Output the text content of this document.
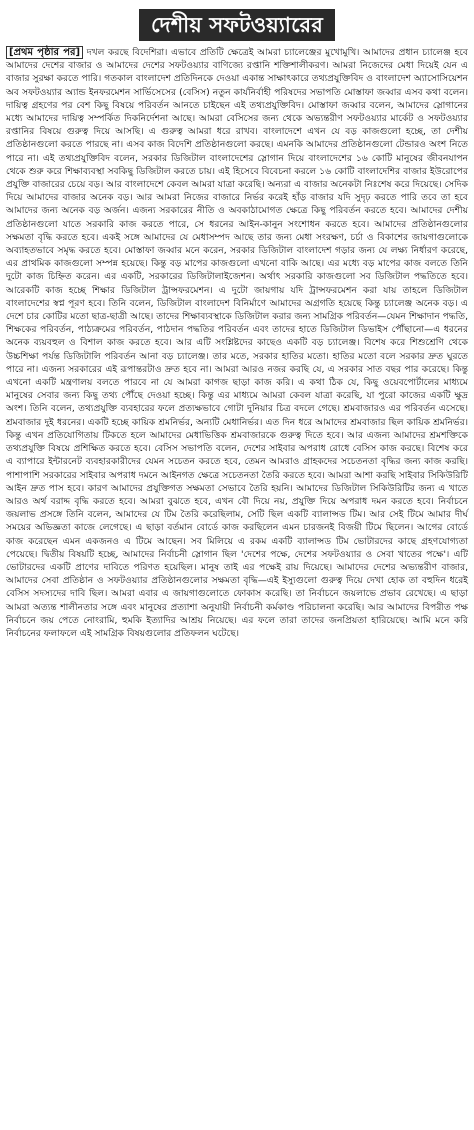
দেশীয় সফটওয়্যারের

[প্রথম পৃষ্ঠার পর] দখল করছে বিদেশিরা। এভাবে প্রতিটি ক্ষেত্রেই আমরা চ্যালেঞ্জের মুখোমুখি। আমাদের প্রধান চ্যালেঞ্জ হবে আমাদের দেশের বাজার ও আমাদের দেশের সফটওয়্যার বাণিজ্যে রপ্তানি শক্তিশালীকরণ। আমরা নিজেদের মেধা দিয়েই যেন এ বাজার সুরক্ষা করতে পারি। গতকাল বাংলাদেশ প্রতিদিনকে দেওয়া একান্ত সাক্ষাৎকারে তথ্যপ্রযুক্তিবিদ ও বাংলাদেশ অ্যাসোসিয়েশন অব সফটওয়্যার অ্যান্ড ইনফরমেশন সার্ভিসেসের (বেসিস) নতুন কার্যনির্বাহী পরিষদের সভাপতি মোস্তাফা জব্বার এসব কথা বলেন। দায়িত্ব গ্রহণের পর বেশ কিছু বিষয়ে পরিবর্তন আনতে চাইছেন এই তথ্যপ্রযুক্তিবিদ। মোস্তাফা জব্বার বলেন, আমাদের স্লোগানের মধ্যে আমাদের দায়িত্ব সম্পর্কিত দিকনির্দেশনা আছে। আমরা বেসিসের জন্য থেকে অভ্যন্তরীণ সফটওয়্যার মার্কেট ও সফটওয়্যার রপ্তানির বিষয়ে গুরুত্ব দিয়ে আসছি। এ গুরুত্ব আমরা ধরে রাখব। বাংলাদেশে এখন যে বড় কাজগুলো হচ্ছে, তা দেশীয় প্রতিষ্ঠানগুলো করতে পারছে না। এসব কাজ বিদেশি প্রতিষ্ঠানগুলো করছে। এমনকি আমাদের প্রতিষ্ঠানগুলো টেন্ডারও অংশ নিতে পারে না। এই তথ্যপ্রযুক্তিবিদ বলেন, সরকার ডিজিটাল বাংলাদেশের স্লোগান দিয়ে বাংলাদেশের ১৬ কোটি মানুষের জীবনযাপন থেকে শুরু করে শিক্ষাব্যবস্থা সবকিছু ডিজিটাল করতে চায়। এই হিসেবে বিবেচনা করলে ১৬ কোটি বাংলাদেশির বাজার ইউরোপের প্রযুক্তি বাজারের চেয়ে বড়। আর বাংলাদেশে কেবল আমরা যাত্রা করেছি। অন্যরা এ বাজার অনেকটা নিঃশেষ করে দিয়েছে। সেদিক দিয়ে আমাদের বাজার অনেক বড়। আর আমরা নিজের বাজারে নির্ভর করেই হাঁড় বাজার যদি সুদৃঢ় করতে পারি তবে তা হবে আমাদের জন্য অনেক বড় অর্জন। এজন্য সরকারের নীতি ও অবকাঠামোগত ক্ষেত্রে কিছু পরিবর্তন করতে হবে। আমাদের দেশীয় প্রতিষ্ঠানগুলো যাতে সরকারি কাজ করতে পারে, সে ধরনের আইন-কানুন সংশোধন করতে হবে। আমাদের প্রতিষ্ঠানগুলোর সক্ষমতা বৃদ্ধি করতে হবে। একই সঙ্গে আমাদের যে মেধাসম্পদ আছে তার জন্য মেধা সংরক্ষণ, চর্চা ও বিকাশের জায়গাগুলোকে অব্যাহতভাবে সমৃদ্ধ করতে হবে। মোস্তাফা জব্বার মনে করেন, সরকার ডিজিটাল বাংলাদেশ গড়ার জন্য যে লক্ষ্য নির্ধারণ করেছে, এর প্রাথমিক কাজগুলো সম্পন্ন হয়েছে। কিন্তু বড় মাপের কাজগুলো এখনো বাকি আছে। এর মধ্যে বড় মাপের কাজ বলতে তিনি দুটো কাজ চিহ্নিত করেন। এর একটি, সরকারের ডিজিটালাইজেশন। অর্থাৎ সরকারি কাজগুলো সব ডিজিটাল পদ্ধতিতে হবে। আরেকটি কাজ হচ্ছে শিক্ষার ডিজিটাল ট্রান্সফরমেশন। এ দুটো জায়গায় যদি ট্রান্সফরমেশন করা যায় তাহলে ডিজিটাল বাংলাদেশের স্বপ্ন পূরণ হবে। তিনি বলেন, ডিজিটাল বাংলাদেশ বিনির্মাণে আমাদের অগ্রগতি হয়েছে কিন্তু চ্যালেঞ্জ অনেক বড়। এ দেশে চার কোটির মতো ছাত্র-ছাত্রী আছে। তাদের শিক্ষাব্যবস্থাকে ডিজিটাল করার জন্য সামগ্রিক পরিবর্তন—যেমন শিক্ষাদান পদ্ধতি, শিক্ষকের পরিবর্তন, পাঠ্যক্রমের পরিবর্তন, পাঠদান পদ্ধতির পরিবর্তন এবং তাদের হাতে ডিজিটাল ডিভাইস পৌঁছানো—এ ধরনের অনেক ব্যয়বহুল ও বিশাল কাজ করতে হবে। আর এটি সংশ্লিষ্টদের কাছেও একটি বড় চ্যালেঞ্জ। বিশেষ করে শিশুশ্রেণি থেকে উচ্চশিক্ষা পর্যন্ত ডিজিটালি পরিবর্তন আনা বড় চ্যালেঞ্জ। তার মতে, সরকার হাতির মতো। হাতির মতো বলে সরকার দ্রুত ঘুরতে পারে না। এজন্য সরকারের এই রূপান্তরটাও দ্রুত হবে না। আমরা আরও নজর করছি যে, এ সরকার সাত বছর পার করেছে। কিন্তু এখনো একটি মন্ত্রণালয় বলতে পারবে না যে আমরা কাগজ ছাড়া কাজ করি। এ কথা ঠিক যে, কিছু ওয়েবপোর্টালের মাধ্যমে মানুষের সেবার জন্য কিছু তথ্য পৌঁছে দেওয়া হচ্ছে। কিন্তু এর মাধ্যমে আমরা কেবল যাত্রা করেছি, যা পুরো কাজের একটি ক্ষুদ্র অংশ। তিনি বলেন, তথ্যপ্রযুক্তি ব্যবহারের ফলে প্রত্যক্ষভাবে গোটা দুনিয়ার চিত্র বদলে গেছে। শ্রমবাজারও এর পরিবর্তন এসেছে। শ্রমবাজার দুই ধরনের। একটি হচ্ছে কায়িক শ্রমনির্ভর, অন্যটি মেধানির্ভর। এত দিন ধরে আমাদের শ্রমবাজার ছিল কায়িক শ্রমনির্ভর। কিন্তু এখন প্রতিযোগিতায় টিকতে হলে আমাদের মেধাভিত্তিক শ্রমবাজারকে গুরুত্ব দিতে হবে। আর এজন্য আমাদের শ্রমশক্তিকে তথ্যপ্রযুক্তি বিষয়ে প্রশিক্ষিত করতে হবে। বেসিস সভাপতি বলেন, দেশের সাইবার অপরাধ রোধে বেসিস কাজ করছে। বিশেষ করে এ ব্যাপারে ইন্টারনেট ব্যবহারকারীদের যেমন সচেতন করতে হবে, তেমন আমরাও গ্রাহকদের সচেতনতা বৃদ্ধির জন্য কাজ করছি। পাশাপাশি সরকারের সাইবার অপরাধ দমনে আইনগত ক্ষেত্রে সচেতনতা তৈরি করতে হবে। আমরা আশা করছি সাইবার সিকিউরিটি আইন দ্রুত পাস হবে। কারণ আমাদের প্রযুক্তিগত সক্ষমতা সেভাবে তৈরি হয়নি। আমাদের ডিজিটাল সিকিউরিটির জন্য এ খাতে আরও অর্থ বরাদ্দ বৃদ্ধি করতে হবে। আমরা বুঝতে হবে, এখন বৌ দিয়ে নয়, প্রযুক্তি দিয়ে অপরাধ দমন করতে হবে। নির্বাচনে জয়লাভ প্রসঙ্গে তিনি বলেন, আমাদের যে টিম তৈরি করেছিলাম, সেটি ছিল একটি ব্যালান্সড টিম। আর সেই টিমে আমার দীর্ঘ সময়ের অভিজ্ঞতা কাজে লেগেছে। এ ছাড়া বর্তমান বোর্ডে কাজ করছিলেন এমন চারজনই বিজয়ী টিমে ছিলেন। আগের বোর্ডে কাজ করেছেন এমন একজনও এ টিমে আছেন। সব মিলিয়ে এ রকম একটি ব্যালান্সড টিম ভোটারদের কাছে গ্রহণযোগ্যতা পেয়েছে। দ্বিতীয় বিষয়টি হচ্ছে, আমাদের নির্বাচনী স্লোগান ছিল 'দেশের পক্ষে, দেশের সফটওয়্যার ও সেবা খাতের পক্ষে'। এটি ভোটারদের একটি প্রাণের দাবিতে পরিণত হয়েছিল। মানুষ তাই এর পক্ষেই রায় দিয়েছে। আমাদের দেশের অভ্যন্তরীণ বাজার, আমাদের সেবা প্রতিষ্ঠান ও সফটওয়্যার প্রতিষ্ঠানগুলোর সক্ষমতা বৃদ্ধি—এই ইস্যুগুলো গুরুত্ব দিয়ে দেখা হোক তা বহুদিন ধরেই বেসিস সদস্যদের দাবি ছিল। আমরা এবার এ জায়গাগুলোতে ফোকাস করেছি। তা নির্বাচনে জয়লাভে প্রভাব রেখেছে। এ ছাড়া আমরা অত্যন্ত শালীনতার সঙ্গে এবং মানুষের প্রত্যাশা অনুযায়ী নির্বাচনী কর্মকাণ্ড পরিচালনা করেছি। আর আমাদের বিপরীত পক্ষ নির্বাচনে জয় পেতে নোংরামি, হুমকি ইত্যাদির আশ্রয় নিয়েছে। এর ফলে তারা তাদের জনপ্রিয়তা হারিয়েছে। আমি মনে করি নির্বাচনের ফলাফলে এই সামগ্রিক বিষয়গুলোর প্রতিফলন ঘটেছে।
